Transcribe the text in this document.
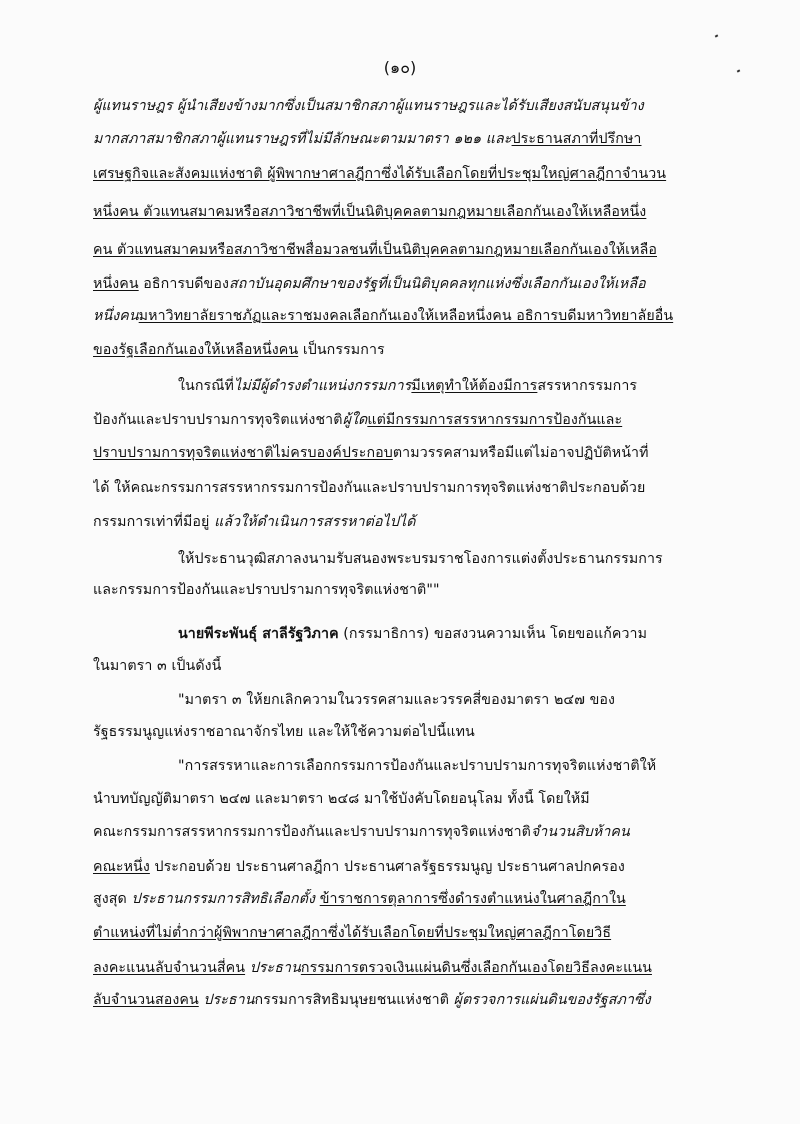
(๑๐)
ผู้แทนราษฎร ผู้นำเสียงข้างมากซึ่งเป็นสมาชิกสภาผู้แทนราษฎรและได้รับเสียงสนับสนุนข้าง
มากสภาสมาชิกสภาผู้แทนราษฎรที่ไม่มีลักษณะตามมาตรา ๑๒๑ และประธานสภาที่ปรึกษา
เศรษฐกิจและสังคมแห่งชาติ ผู้พิพากษาศาลฎีกาซึ่งได้รับเลือกโดยที่ประชุมใหญ่ศาลฎีกาจำนวน
หนึ่งคน ตัวแทนสมาคมหรือสภาวิชาชีพที่เป็นนิติบุคคลตามกฎหมายเลือกกันเองให้เหลือหนึ่ง
คน ตัวแทนสมาคมหรือสภาวิชาชีพสื่อมวลชนที่เป็นนิติบุคคลตามกฎหมายเลือกกันเองให้เหลือ
หนึ่งคน อธิการบดีของสถาบันอุดมศึกษาของรัฐที่เป็นนิติบุคคลทุกแห่งซึ่งเลือกกันเองให้เหลือ
หนึ่งคนมหาวิทยาลัยราชภัฏและราชมงคลเลือกกันเองให้เหลือหนึ่งคน อธิการบดีมหาวิทยาลัยอื่น
ของรัฐเลือกกันเองให้เหลือหนึ่งคน เป็นกรรมการ
ในกรณีที่ไม่มีผู้ดำรงตำแหน่งกรรมการมีเหตุทำให้ต้องมีการสรรหากรรมการ
ป้องกันและปราบปรามการทุจริตแห่งชาติผู้ใดแต่มีกรรมการสรรหากรรมการป้องกันและ
ปราบปรามการทุจริตแห่งชาติไม่ครบองค์ประกอบตามวรรคสามหรือมีแต่ไม่อาจปฏิบัติหน้าที่
ได้ ให้คณะกรรมการสรรหากรรมการป้องกันและปราบปรามการทุจริตแห่งชาติประกอบด้วย
กรรมการเท่าที่มีอยู่ แล้วให้ดำเนินการสรรหาต่อไปได้
ให้ประธานวุฒิสภาลงนามรับสนองพระบรมราชโองการแต่งตั้งประธานกรรมการ
และกรรมการป้องกันและปราบปรามการทุจริตแห่งชาติ""
นายพีระพันธุ์ สาลีรัฐวิภาค (กรรมาธิการ) ขอสงวนความเห็น โดยขอแก้ความ
ในมาตรา ๓ เป็นดังนี้
"มาตรา ๓ ให้ยกเลิกความในวรรคสามและวรรคสี่ของมาตรา ๒๔๗ ของ
รัฐธรรมนูญแห่งราชอาณาจักรไทย และให้ใช้ความต่อไปนี้แทน
"การสรรหาและการเลือกกรรมการป้องกันและปราบปรามการทุจริตแห่งชาติให้
นำบทบัญญัติมาตรา ๒๔๗ และมาตรา ๒๔๘ มาใช้บังคับโดยอนุโลม ทั้งนี้ โดยให้มี
คณะกรรมการสรรหากรรมการป้องกันและปราบปรามการทุจริตแห่งชาติจำนวนสิบห้าคน
คณะหนึ่ง ประกอบด้วย ประธานศาลฎีกา ประธานศาลรัฐธรรมนูญ ประธานศาลปกครอง
สูงสุด ประธานกรรมการสิทธิเลือกตั้ง ข้าราชการตุลาการซึ่งดำรงตำแหน่งในศาลฎีกาใน
ตำแหน่งที่ไม่ต่ำกว่าผู้พิพากษาศาลฎีกาซึ่งได้รับเลือกโดยที่ประชุมใหญ่ศาลฎีกาโดยวิธี
ลงคะแนนลับจำนวนสี่คน ประธานกรรมการตรวจเงินแผ่นดินซึ่งเลือกกันเองโดยวิธีลงคะแนน
ลับจำนวนสองคน ประธานกรรมการสิทธิมนุษยชนแห่งชาติ ผู้ตรวจการแผ่นดินของรัฐสภาซึ่ง
